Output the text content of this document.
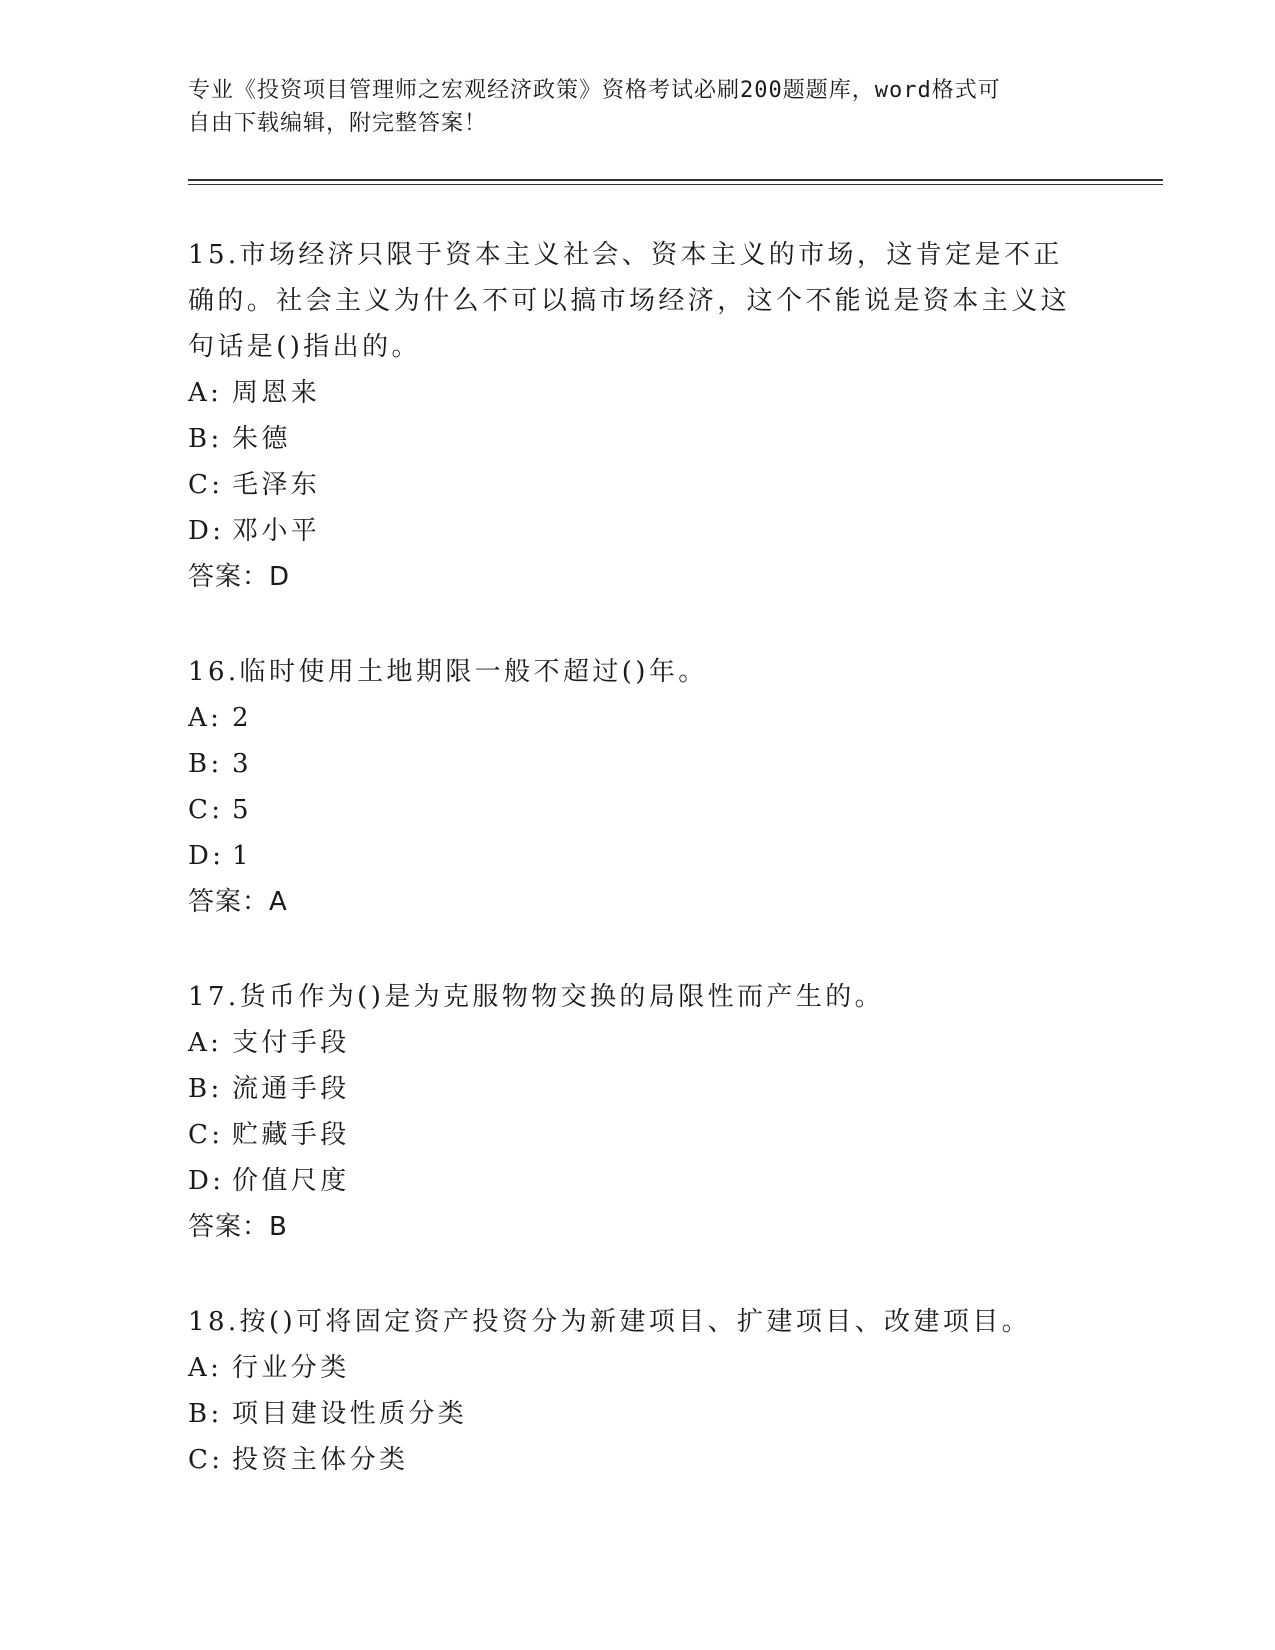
专业《投资项目管理师之宏观经济政策》资格考试必刷200题题库，word格式可
自由下载编辑，附完整答案！
15.市场经济只限于资本主义社会、资本主义的市场，这肯定是不正确的。社会主义为什么不可以搞市场经济，这个不能说是资本主义这句话是()指出的。
A: 周恩来
B: 朱德
C: 毛泽东
D: 邓小平
答案：D
16.临时使用土地期限一般不超过()年。
A: 2
B: 3
C: 5
D: 1
答案：A
17.货币作为()是为克服物物交换的局限性而产生的。
A: 支付手段
B: 流通手段
C: 贮藏手段
D: 价值尺度
答案：B
18.按()可将固定资产投资分为新建项目、扩建项目、改建项目。
A: 行业分类
B: 项目建设性质分类
C: 投资主体分类
